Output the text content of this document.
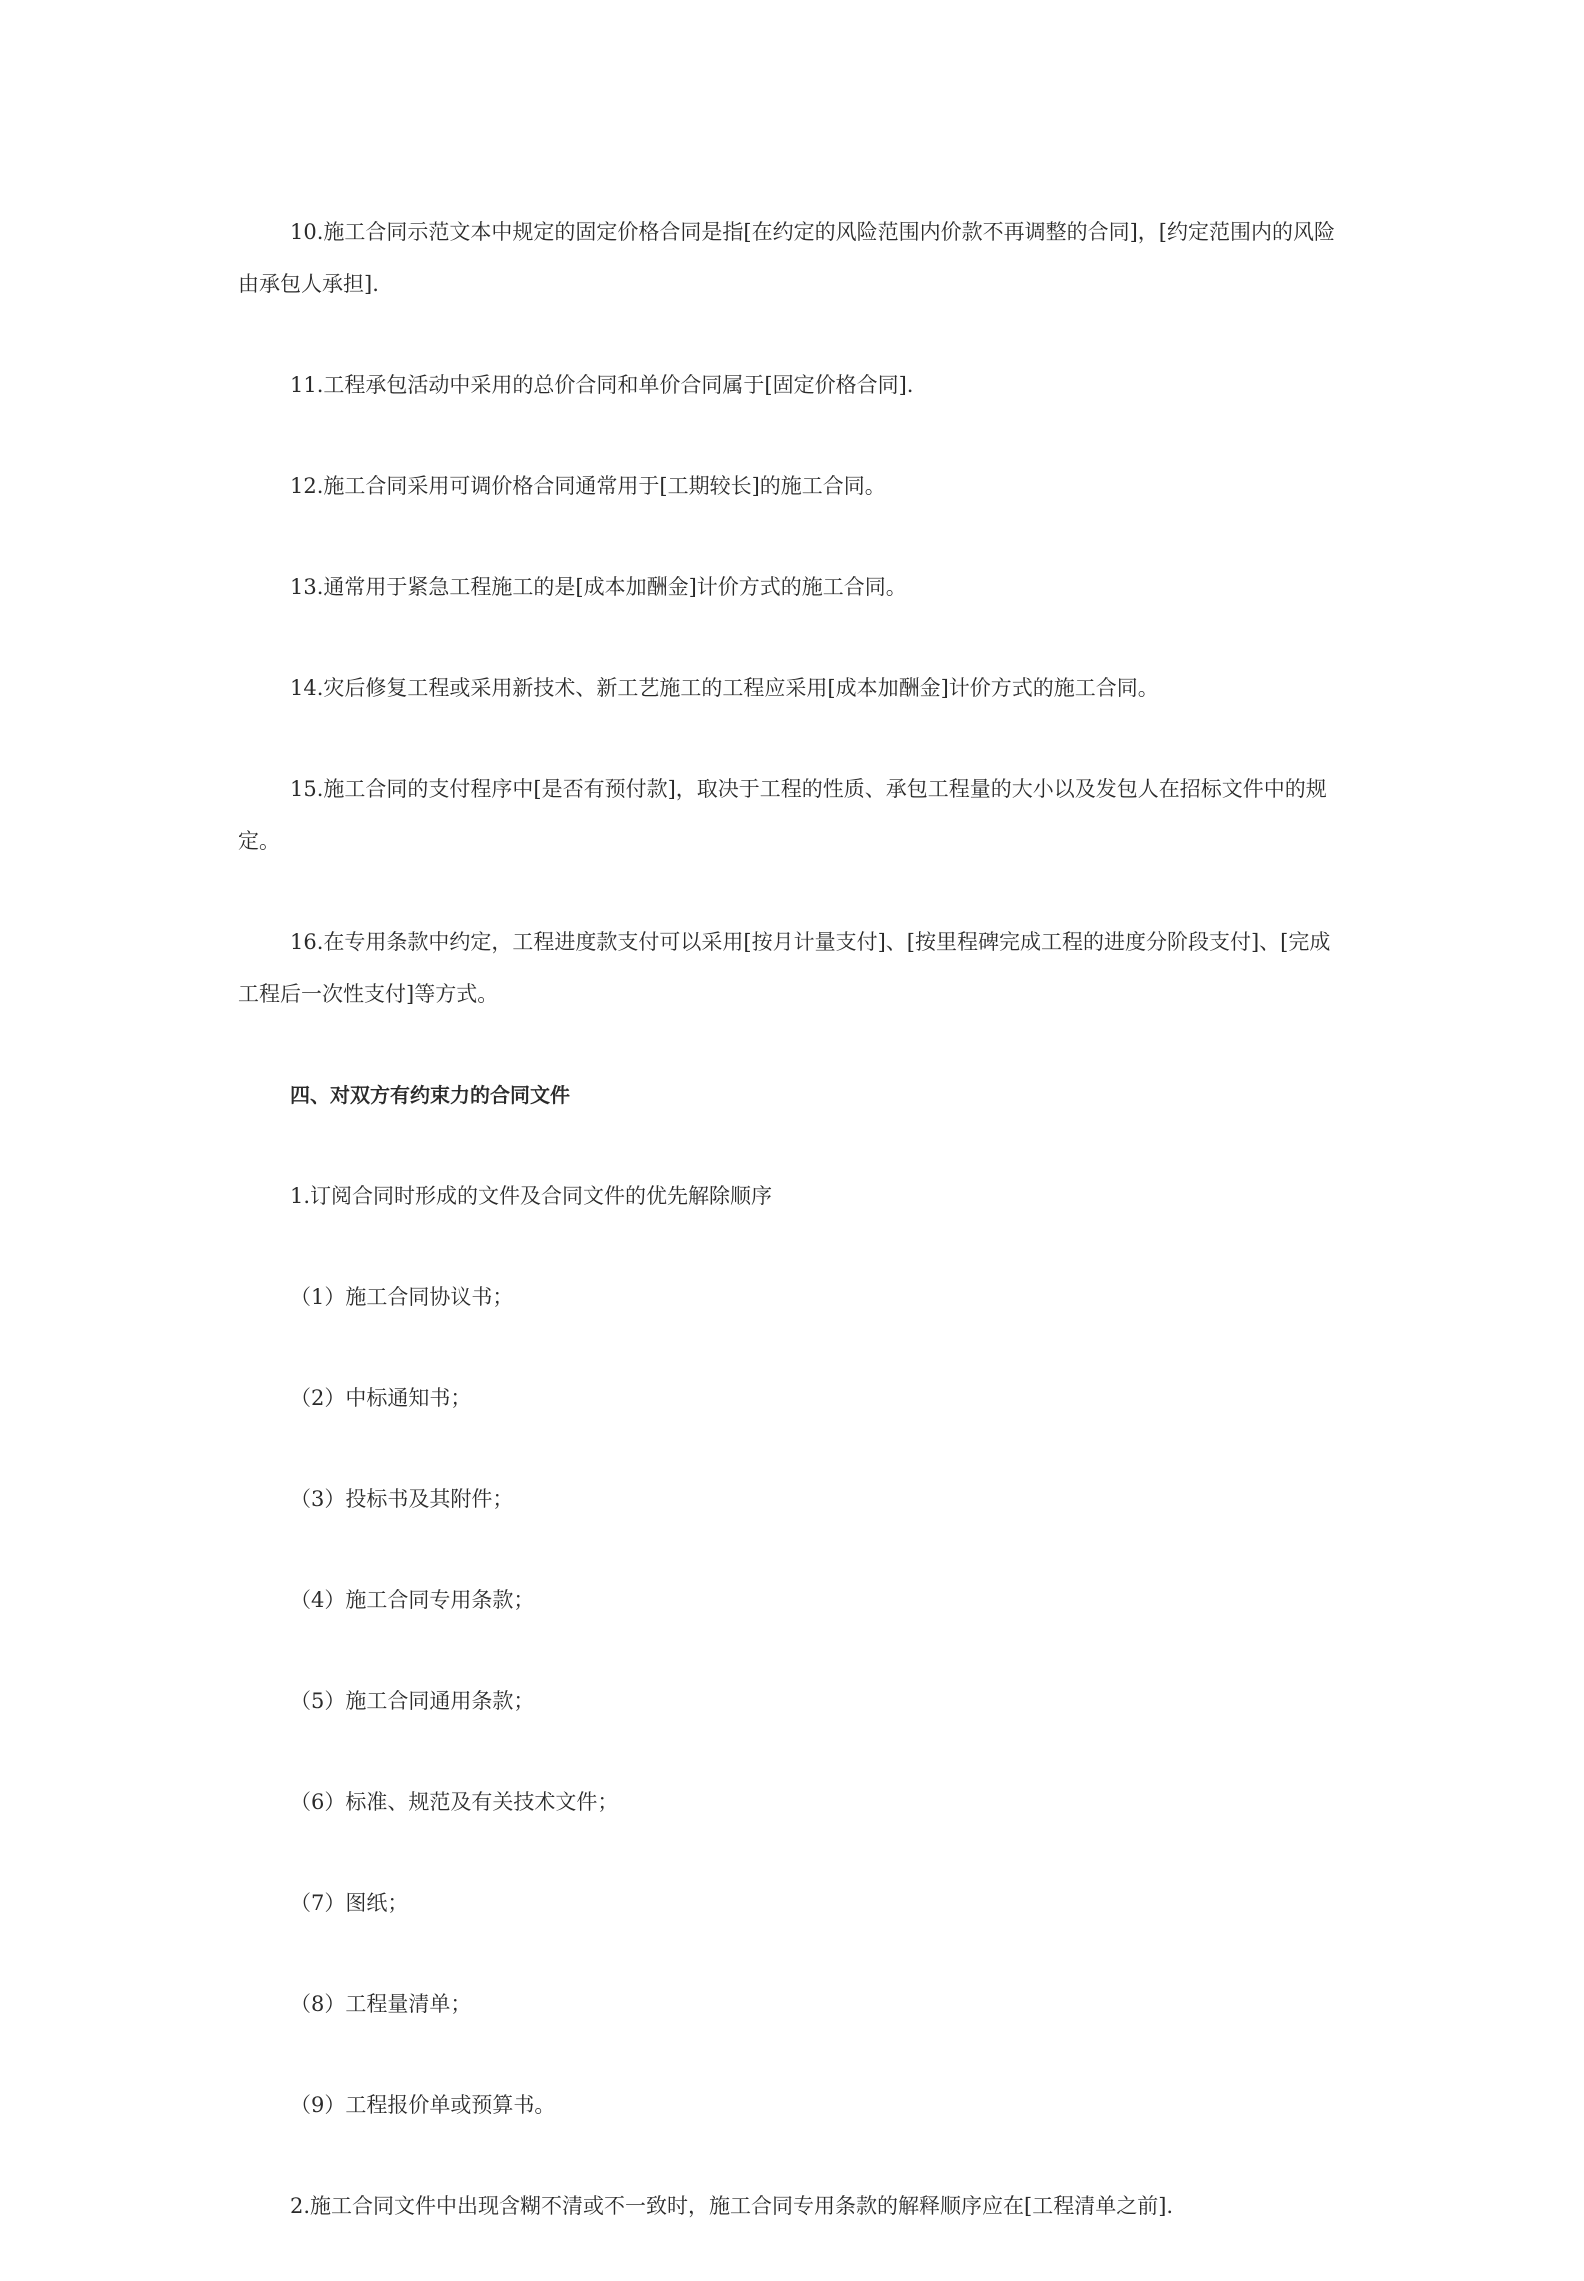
10.施工合同示范文本中规定的固定价格合同是指[在约定的风险范围内价款不再调整的合同]，[约定范围内的风险由承包人承担].

11.工程承包活动中采用的总价合同和单价合同属于[固定价格合同].

12.施工合同采用可调价格合同通常用于[工期较长]的施工合同。

13.通常用于紧急工程施工的是[成本加酬金]计价方式的施工合同。

14.灾后修复工程或采用新技术、新工艺施工的工程应采用[成本加酬金]计价方式的施工合同。

15.施工合同的支付程序中[是否有预付款]，取决于工程的性质、承包工程量的大小以及发包人在招标文件中的规定。

16.在专用条款中约定，工程进度款支付可以采用[按月计量支付]、[按里程碑完成工程的进度分阶段支付]、[完成工程后一次性支付]等方式。

四、对双方有约束力的合同文件

1.订阅合同时形成的文件及合同文件的优先解除顺序

（1）施工合同协议书；

（2）中标通知书；

（3）投标书及其附件；

（4）施工合同专用条款；

（5）施工合同通用条款；

（6）标准、规范及有关技术文件；

（7）图纸；

（8）工程量清单；

（9）工程报价单或预算书。

2.施工合同文件中出现含糊不清或不一致时，施工合同专用条款的解释顺序应在[工程清单之前].
